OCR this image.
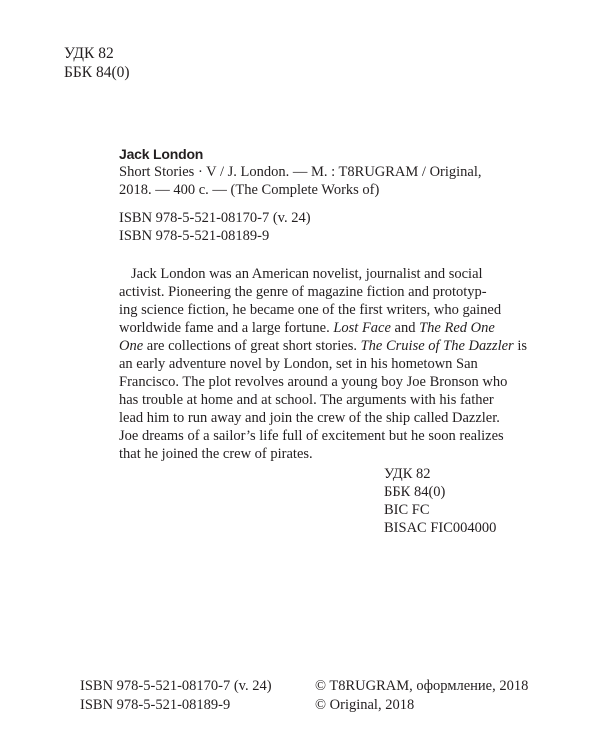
УДК 82
ББК 84(0)
Jack London
Short Stories · V / J. London. — M. : T8RUGRAM / Original,
2018. — 400 с. — (The Complete Works of)
ISBN 978-5-521-08170-7 (v. 24)
ISBN 978-5-521-08189-9
Jack London was an American novelist, journalist and social
activist. Pioneering the genre of magazine fiction and prototyp-
ing science fiction, he became one of the first writers, who gained
worldwide fame and a large fortune. Lost Face and The Red One
One are collections of great short stories. The Cruise of The Dazzler is
an early adventure novel by London, set in his hometown San
Francisco. The plot revolves around a young boy Joe Bronson who
has trouble at home and at school. The arguments with his father
lead him to run away and join the crew of the ship called Dazzler.
Joe dreams of a sailor’s life full of excitement but he soon realizes
that he joined the crew of pirates.
УДК 82
ББК 84(0)
BIC FC
BISAC FIC004000
ISBN 978-5-521-08170-7 (v. 24)
ISBN 978-5-521-08189-9
© T8RUGRAM, оформление, 2018
© Original, 2018
